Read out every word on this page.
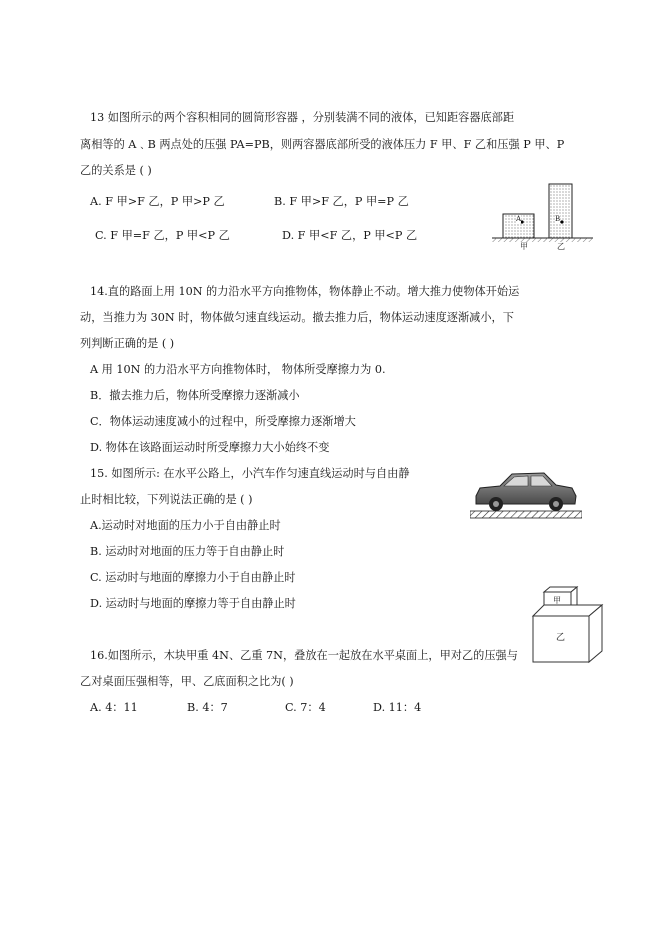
13 如图所示的两个容积相同的圆筒形容器 ，分别装满不同的液体，已知距容器底部距
离相等的 A﹑B 两点处的压强 PA=PB，则两容器底部所受的液体压力 F 甲、F 乙和压强 P 甲、P
乙的关系是 ( )
A. F 甲>F 乙，P 甲>P 乙	B. F 甲>F 乙，P 甲=P 乙
C. F 甲=F 乙，P 甲<P 乙	D. F 甲<F 乙，P 甲<P 乙
A	B
甲	乙
14.直的路面上用 10N 的力沿水平方向推物体，物体静止不动。增大推力使物体开始运
动，当推力为 30N 时，物体做匀速直线运动。撤去推力后，物体运动速度逐渐减小，下
列判断正确的是 ( )
A 用 10N 的力沿水平方向推物体时， 物体所受摩擦力为 0.
B．撤去推力后，物体所受摩擦力逐渐减小
C．物体运动速度减小的过程中，所受摩擦力逐渐增大
D. 物体在该路面运动时所受摩擦力大小始终不变
15. 如图所示: 在水平公路上，小汽车作匀速直线运动时与自由静
止时相比较，下列说法正确的是 ( )
A.运动时对地面的压力小于自由静止时
B. 运动时对地面的压力等于自由静止时
C. 运动时与地面的摩擦力小于自由静止时
D. 运动时与地面的摩擦力等于自由静止时
16.如图所示，木块甲重 4N、乙重 7N，叠放在一起放在水平桌面上，甲对乙的压强与
乙对桌面压强相等，甲、乙底面积之比为( )
A. 4：11	B. 4：7	C. 7：4	D. 11：4
甲
乙
